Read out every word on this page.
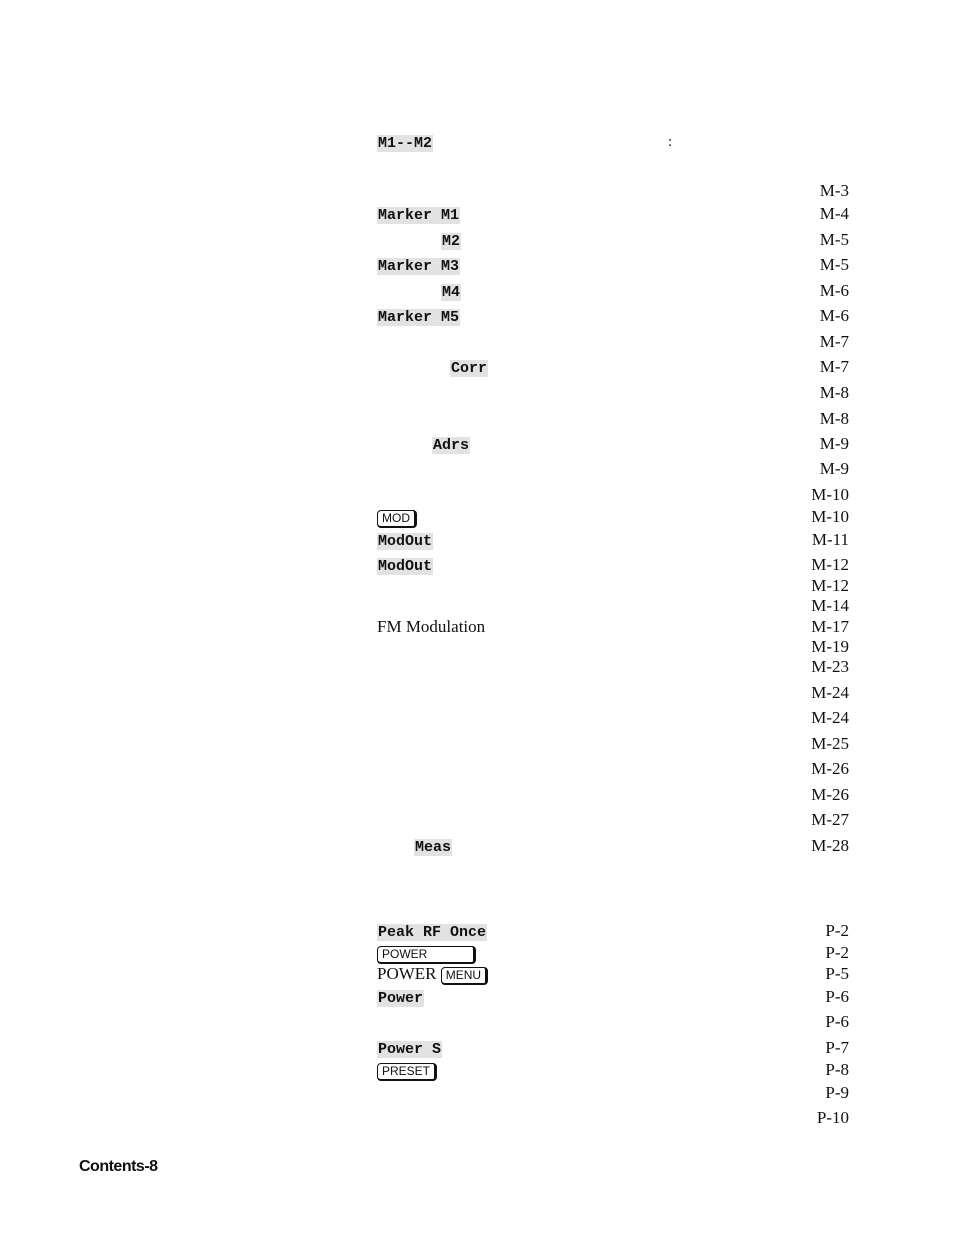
M1--M2	:
M-3
Marker M1	M-4
M2	M-5
Marker M3	M-5
M4	M-6
Marker M5	M-6
M-7
Corr	M-7
M-8
M-8
Adrs	M-9
M-9
M-10
MOD	M-10
ModOut	M-11
ModOut	M-12
M-12
M-14
FM Modulation	M-17
M-19
M-23
M-24
M-24
M-25
M-26
M-26
M-27
Meas	M-28
Peak RF Once	P-2
POWER	P-2
POWER MENU	P-5
Power	P-6
P-6
Power S	P-7
PRESET	P-8
P-9
P-10
Contents-8
